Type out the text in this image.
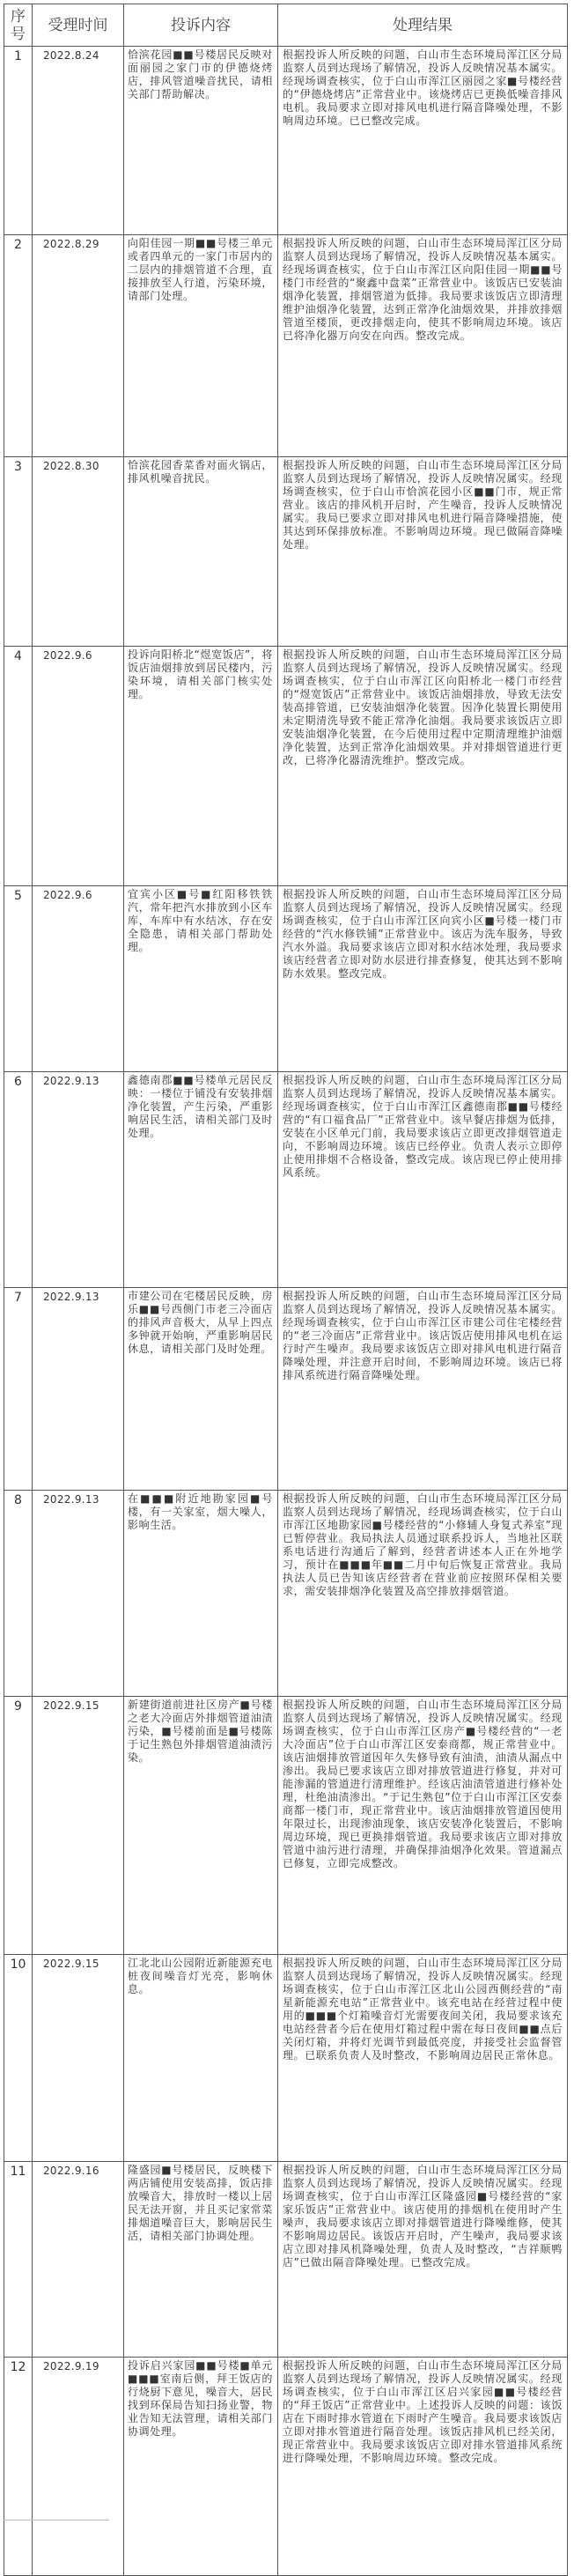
序号	受理时间	投诉内容	处理结果
1	2022.8.24	恰滨花园■■号楼居民反映对面丽园之家门市的伊德烧烤店，排风管道噪音扰民，请相关部门帮助解决。	根据投诉人所反映的问题，白山市生态环境局浑江区分局监察人员到达现场了解情况，投诉人反映情况基本属实。经现场调查核实，位于白山市浑江区丽园之家■号楼经营的“伊德烧烤店”正常营业中。该烧烤店已更换低噪音排风电机。我局要求立即对排风电机进行隔音降噪处理，不影响周边环境。已已整改完成。

2	2022.8.29	向阳佳园一期■■号楼三单元或者四单元的一家门市居内的二层内的排烟管道不合理，直接排放至人行道，污染环境，请部门处理。	根据投诉人所反映的问题，白山市生态环境局浑江区分局监察人员到达现场了解情况，投诉人反映情况基本属实。经现场调查核实，位于白山市浑江区向阳佳园一期■■号楼门市经营的“聚鑫中盘菜”正常营业中。该饭店已安装油烟净化装置，排烟管道为低排。我局要求该饭店立即清理维护油烟净化装置，达到正常净化油烟效果，并排放排烟管道至楼顶，更改排烟走向，使其不影响周边环境。该店已将净化器万向安在向西。整改完成。

3	2022.8.30	恰滨花园香菜香对面火锅店，排风机噪音扰民。	根据投诉人所反映的问题，白山市生态环境局浑江区分局监察人员到达现场了解情况，投诉人反映情况属实。经现场调查核实，位于白山市恰滨花园小区■■门市，规正常营业。该店的排风机开启时，产生噪音，投诉人反映情况属实。我局已要求立即对排风电机进行隔音降噪措施，使其达到环保排放标准。不影响周边环境。现已做隔音降噪处理。

4	2022.9.6	投诉向阳桥北“煜宽饭店”，将饭店油烟排放到居民楼内，污染环境，请相关部门核实处理。	根据投诉人所反映的问题，白山市生态环境局浑江区分局监察人员到达现场了解情况，投诉人反映情况属实。经现场调查核实，位于白山市浑江区向阳桥北一楼门市经营的“煜宽饭店”正常营业中。该饭店油烟排放，导致无法安装高排管道，已安装油烟净化装置。因净化装置长期使用未定期清洗导致不能正常净化油烟。我局要求该饭店立即安装油烟净化装置，在今后使用过程中定期清理维护油烟净化装置，达到正常净化油烟效果。并对排烟管道进行更改，已将净化器清洗维护。整改完成。

5	2022.9.6	宜宾小区■号■红阳移铁铁汽，常年把汽水排放到小区车库，车库中有水结冰，存在安全隐患，请相关部门帮助处理。	根据投诉人所反映的问题，白山市生态环境局浑江区分局监察人员到达现场了解情况，投诉人反映情况属实。经现场调查核实，位于白山市浑江区向宾小区■号楼一楼门市经营的“汽水修铁铺”正常营业中。该店为洗车服务，导致汽水外溢。我局要求该店立即对积水结冰处理，我局要求该店经营者立即对防水层进行排查修复，使其达到不影响防水效果。整改完成。

6	2022.9.13	鑫德南郡■■号楼单元居民反映：一楼位于铺没有安装排烟净化装置，产生污染，严重影响居民生活，请相关部门及时处理。	根据投诉人所反映的问题，白山市生态环境局浑江区分局监察人员到达现场了解情况，投诉人反映情况基本属实。经现场调查核实，位于白山市浑江区鑫德南郡■■号楼经营的“有口福食品厂”正常营业中。该早餐店排烟为低排，安装在小区单元门前，我局要求该店立即更改排烟管道走向，不影响周边环境。该店已经停业。负责人表示立即停止使用排烟不合格设备，整改完成。该店现已停止使用排风系统。

7	2022.9.13	市建公司在宅楼居民反映，房乐■■号西侧门市老三冷面店的排风声音极大，从早上四点多钟就开始响，严重影响居民休息，请相关部门及时处理。	根据投诉人所反映的问题，白山市生态环境局浑江区分局监察人员到达现场了解情况，投诉人反映情况基本属实。经现场调查核实，位于白山市浑江区市建公司住宅楼经营的“老三冷面店”正常营业中。该店饭店使用排风电机在运行时产生噪声。我局要求该饭店立即对排风电机进行隔音降噪处理，并注意开启时间，不影响周边环境。该店已将排风系统进行隔音降噪处理。

8	2022.9.13	在■■■附近地勘家园■号楼，有一关家室，烟大噪人，影响生活。	根据投诉人所反映的问题，白山市生态环境局浑江区分局监察人员到达现场了解情况，经现场调查核实，位于白山市浑江区地勘家园■号楼经营的“小修辅人身复式养室”现已暂停营业。我局执法人员通过联系投诉人，当地社区联系电话进行沟通后了解到，经营者讲述本人正在外地学习，预计在■■■年■■二月中旬后恢复正常营业。我局执法人员已告知该店经营者在营业前应按照环保相关要求，需安装排烟净化装置及高空排放排烟管道。

9	2022.9.15	新建街道前进社区房产■号楼之老大冷面店外排烟管道油渍污染，■号楼前面是■号楼陈于记生熟包外排烟管道油渍污染。	根据投诉人所反映的问题，白山市生态环境局浑江区分局监察人员到达现场了解情况，投诉人反映情况属实。经现场调查核实，位于白山市浑江区房产■号楼经营的“一老大冷面店”位于白山市浑江区安泰商都，规正常营业中。该店油烟排放管道因年久失修导致有油渍，油渍从漏点中渗出。我局已要求该店立即对排放管道进行修复，并对可能渗漏的管道进行清理维护。经该店油渍管道进行修补处理，杜绝油渍渗出。“于记生熟包”位于白山市浑江区安泰商都一楼门市，现正常营业中。该店油烟排放管道因使用年限过长，出现渗油现象，该店安装净化装置后，不影响周边环境，现已更换排烟管道。我局要求该店立即对排放管道中油污进行清理，并确保排油烟净化效果。管道漏点已修复，立即完成整改。

10	2022.9.15	江北北山公园附近新能源充电桩夜间噪音灯光亮，影响休息。	根据投诉人所反映的问题，白山市生态环境局浑江区分局监察人员到达现场了解情况，投诉人反映情况属实。经现场调查核实，位于白山市浑江区北山公园西侧经营的“南星新能源充电站”正常营业中。该充电站在经营过程中使用的■■■个灯箱噪音灯光需要夜间关闭，我局要求该充电站经营者今后在使用灯箱过程中需在每日夜间■■点后关闭灯箱，并将灯光调节到最低亮度，并接受社会监督管理。已联系负责人及时整改，不影响周边居民正常休息。

11	2022.9.16	隆盛园■号楼居民，反映楼下两店铺使用安装高排，饭店排放噪音大，排放时一楼以上居民无法开窗，并且买记家常菜排烟道噪音巨大，影响居民生活，请相关部门协调处理。	根据投诉人所反映的问题，白山市生态环境局浑江区分局监察人员到达现场了解情况，投诉人反映情况属实。经现场调查核实，位于白山市浑江区隆盛园■号楼经营的“家家乐饭店”正常营业中。该店使用的排烟机在使用时产生噪声，我局要求该店立即对排烟管道进行降噪维修，使其不影响周边居民。该饭店开启时，产生噪声，我局要求该店立即对排风机降噪处理，负责人及时整改，“吉祥顺鸭店”已做出隔音降噪处理。已整改完成。

12	2022.9.19	投诉启兴家园■■号楼■单元■■■室南后侧，拜王饭店的行烧厨下意见，噪音大，居民找到环保局告知扫扬业警，物业告知无法管理，请相关部门协调处理。	根据投诉人所反映的问题，白山市生态环境局浑江区分局监察人员到达现场了解情况，投诉人反映情况属实。经现场调查核实，位于白山市浑江区启兴家园■■号楼经营的“拜王饭店”正常营业中。上述投诉人反映的问题：该饭店在下雨时排水管道在下雨时产生噪音。我局要求该饭店立即对排水管道进行隔音处理。该饭店排风机已经关闭，现正常营业中。我局要求该饭店立即对排水管道排风系统进行降噪处理，不影响周边环境。整改完成。
